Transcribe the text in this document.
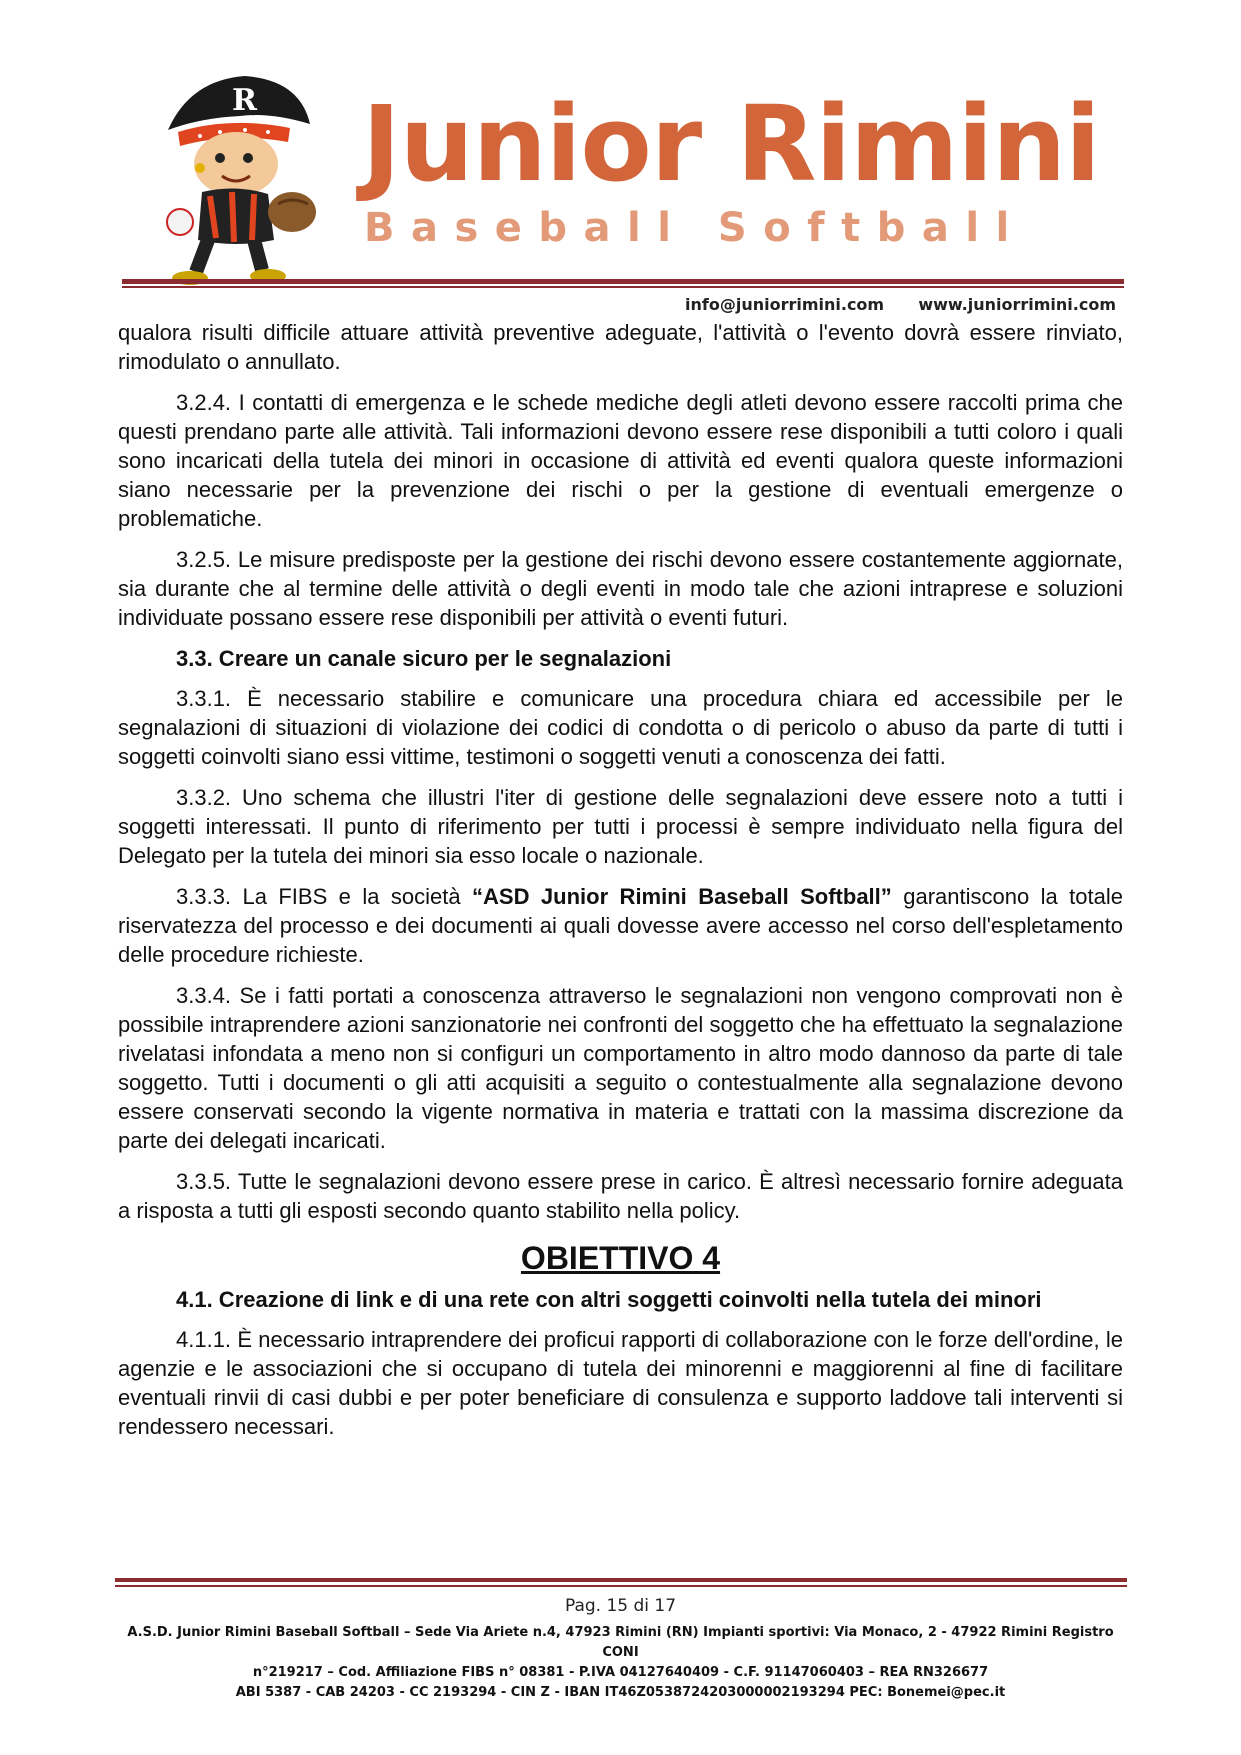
R Junior Rimini
Baseball Softball
info@juniorrimini.com www.juniorrimini.com

qualora risulti difficile attuare attività preventive adeguate, l'attività o l'evento dovrà essere rinviato, rimodulato o annullato.

3.2.4. I contatti di emergenza e le schede mediche degli atleti devono essere raccolti prima che questi prendano parte alle attività. Tali informazioni devono essere rese disponibili a tutti coloro i quali sono incaricati della tutela dei minori in occasione di attività ed eventi qualora queste informazioni siano necessarie per la prevenzione dei rischi o per la gestione di eventuali emergenze o problematiche.

3.2.5. Le misure predisposte per la gestione dei rischi devono essere costantemente aggiornate, sia durante che al termine delle attività o degli eventi in modo tale che azioni intraprese e soluzioni individuate possano essere rese disponibili per attività o eventi futuri.

3.3. Creare un canale sicuro per le segnalazioni

3.3.1. È necessario stabilire e comunicare una procedura chiara ed accessibile per le segnalazioni di situazioni di violazione dei codici di condotta o di pericolo o abuso da parte di tutti i soggetti coinvolti siano essi vittime, testimoni o soggetti venuti a conoscenza dei fatti.

3.3.2. Uno schema che illustri l'iter di gestione delle segnalazioni deve essere noto a tutti i soggetti interessati. Il punto di riferimento per tutti i processi è sempre individuato nella figura del Delegato per la tutela dei minori sia esso locale o nazionale.

3.3.3. La FIBS e la società “ASD Junior Rimini Baseball Softball” garantiscono la totale riservatezza del processo e dei documenti ai quali dovesse avere accesso nel corso dell'espletamento delle procedure richieste.

3.3.4. Se i fatti portati a conoscenza attraverso le segnalazioni non vengono comprovati non è possibile intraprendere azioni sanzionatorie nei confronti del soggetto che ha effettuato la segnalazione rivelatasi infondata a meno non si configuri un comportamento in altro modo dannoso da parte di tale soggetto. Tutti i documenti o gli atti acquisiti a seguito o contestualmente alla segnalazione devono essere conservati secondo la vigente normativa in materia e trattati con la massima discrezione da parte dei delegati incaricati.

3.3.5. Tutte le segnalazioni devono essere prese in carico. È altresì necessario fornire adeguata a risposta a tutti gli esposti secondo quanto stabilito nella policy.

OBIETTIVO 4
4.1. Creazione di link e di una rete con altri soggetti coinvolti nella tutela dei minori

4.1.1. È necessario intraprendere dei proficui rapporti di collaborazione con le forze dell'ordine, le agenzie e le associazioni che si occupano di tutela dei minorenni e maggiorenni al fine di facilitare eventuali rinvii di casi dubbi e per poter beneficiare di consulenza e supporto laddove tali interventi si rendessero necessari.

Pag. 15 di 17
A.S.D. Junior Rimini Baseball Softball – Sede Via Ariete n.4, 47923 Rimini (RN) Impianti sportivi: Via Monaco, 2 - 47922 Rimini Registro CONI
n°219217 – Cod. Affiliazione FIBS n° 08381 - P.IVA 04127640409 - C.F. 91147060403 – REA RN326677
ABI 5387 - CAB 24203 - CC 2193294 - CIN Z - IBAN IT46Z0538724203000002193294 PEC: Bonemei@pec.it
